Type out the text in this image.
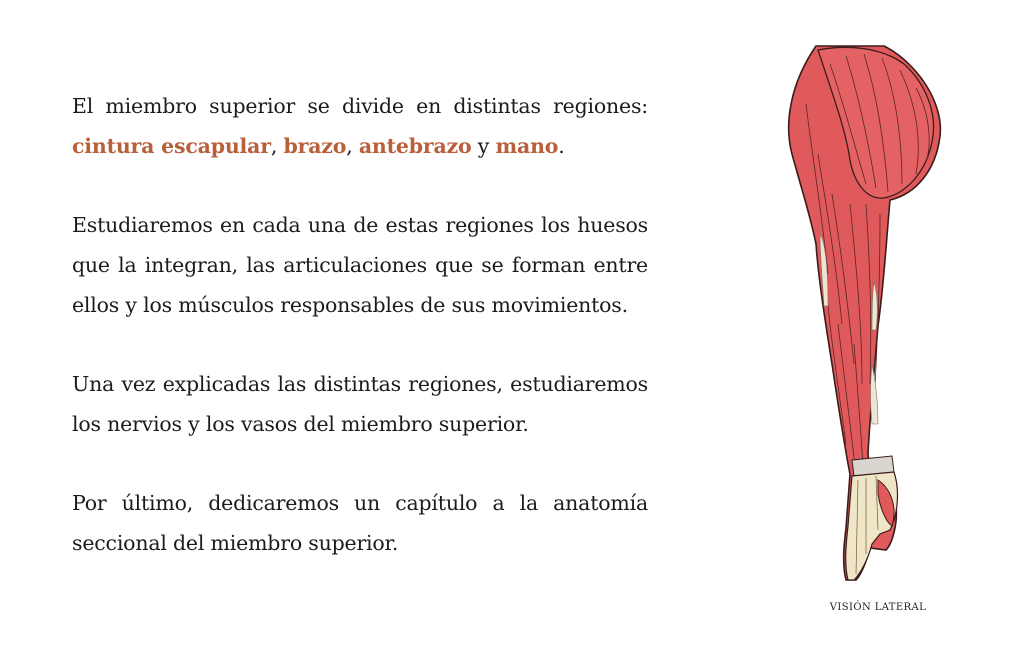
El miembro superior se divide en distintas regiones: cintura escapular, brazo, antebrazo y mano.

Estudiaremos en cada una de estas regiones los huesos que la integran, las articulaciones que se forman entre ellos y los músculos responsables de sus movimientos.

Una vez explicadas las distintas regiones, estudiaremos los nervios y los vasos del miembro superior.

Por último, dedicaremos un capítulo a la anatomía seccional del miembro superior.

VISIÓN LATERAL
